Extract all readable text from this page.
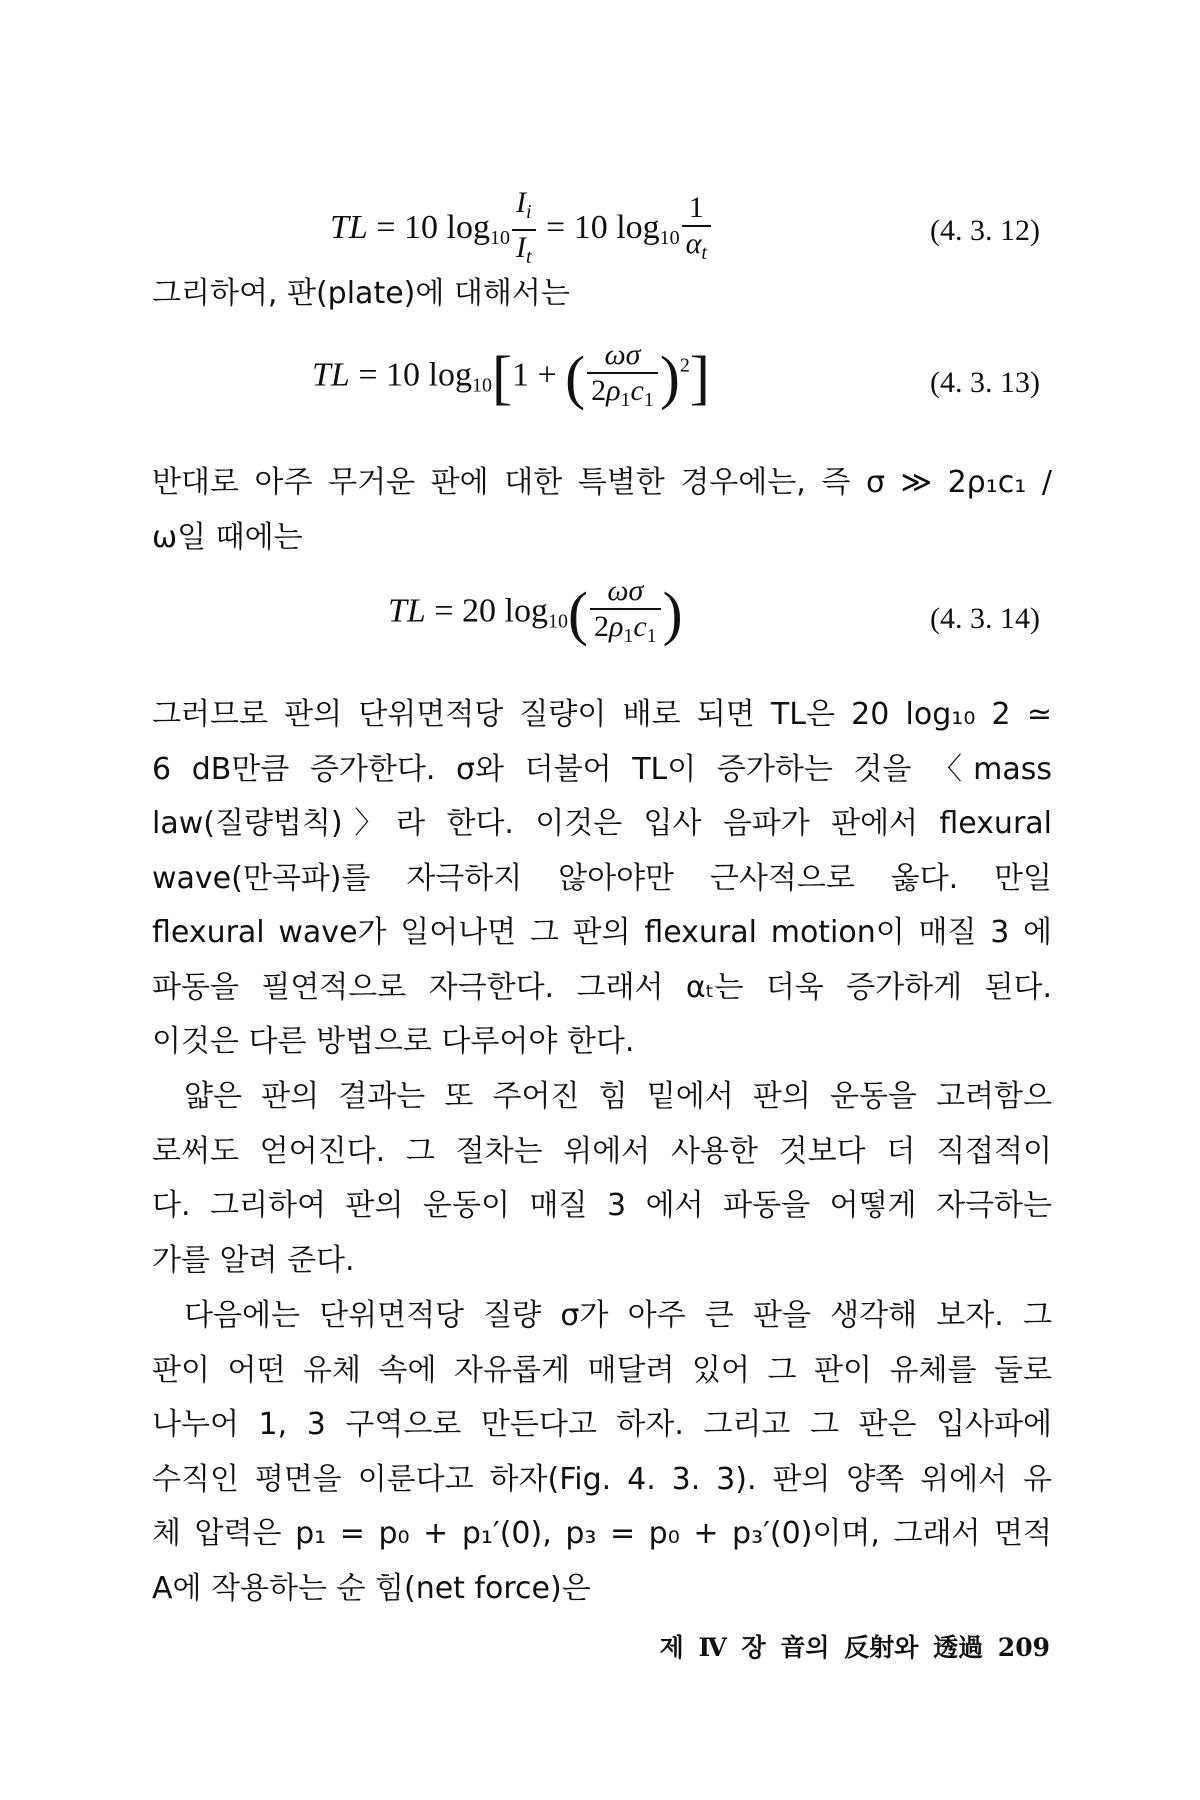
TL = 10 $\log_{10} \frac{I_i}{I_t} = 10$ $\log_{10} \frac{1}{\alpha_t}$	(4. 3. 12)
그리하여, 판(plate)에 대해서는
TL = 10 $\log_{10}[1$ + ( $\frac{\omega\sigma}{2\rho_1c_1} )^2$]	(4. 3. 13)
반대로 아주 무거운 판에 대한 특별한 경우에는, 즉 σ ≫ 2ρ₁c₁ /
ω일 때에는
TL = 20 $\log_{10}( \frac{\omega\sigma}{2\rho_1c_1}$ )	(4. 3. 14)
그러므로 판의 단위면적당 질량이 배로 되면 TL은 20 log₁₀ 2 ≃
6 dB만큼 증가한다. σ와 더불어 TL이 증가하는 것을 〈mass
law(질량법칙)〉라 한다. 이것은 입사 음파가 판에서 flexural
wave(만곡파)를 자극하지 않아야만 근사적으로 옳다. 만일
flexural wave가 일어나면 그 판의 flexural motion이 매질 3 에
파동을 필연적으로 자극한다. 그래서 αₜ는 더욱 증가하게 된다.
이것은 다른 방법으로 다루어야 한다.
얇은 판의 결과는 또 주어진 힘 밑에서 판의 운동을 고려함으
로써도 얻어진다. 그 절차는 위에서 사용한 것보다 더 직접적이
다. 그리하여 판의 운동이 매질 3 에서 파동을 어떻게 자극하는
가를 알려 준다.
다음에는 단위면적당 질량 σ가 아주 큰 판을 생각해 보자. 그
판이 어떤 유체 속에 자유롭게 매달려 있어 그 판이 유체를 둘로
나누어 1, 3 구역으로 만든다고 하자. 그리고 그 판은 입사파에
수직인 평면을 이룬다고 하자(Fig. 4. 3. 3). 판의 양쪽 위에서 유
체 압력은 p₁ = p₀ + p₁′(0), p₃ = p₀ + p₃′(0)이며, 그래서 면적
A에 작용하는 순 힘(net force)은
제 Ⅳ 장 音의 反射와 透過 209
